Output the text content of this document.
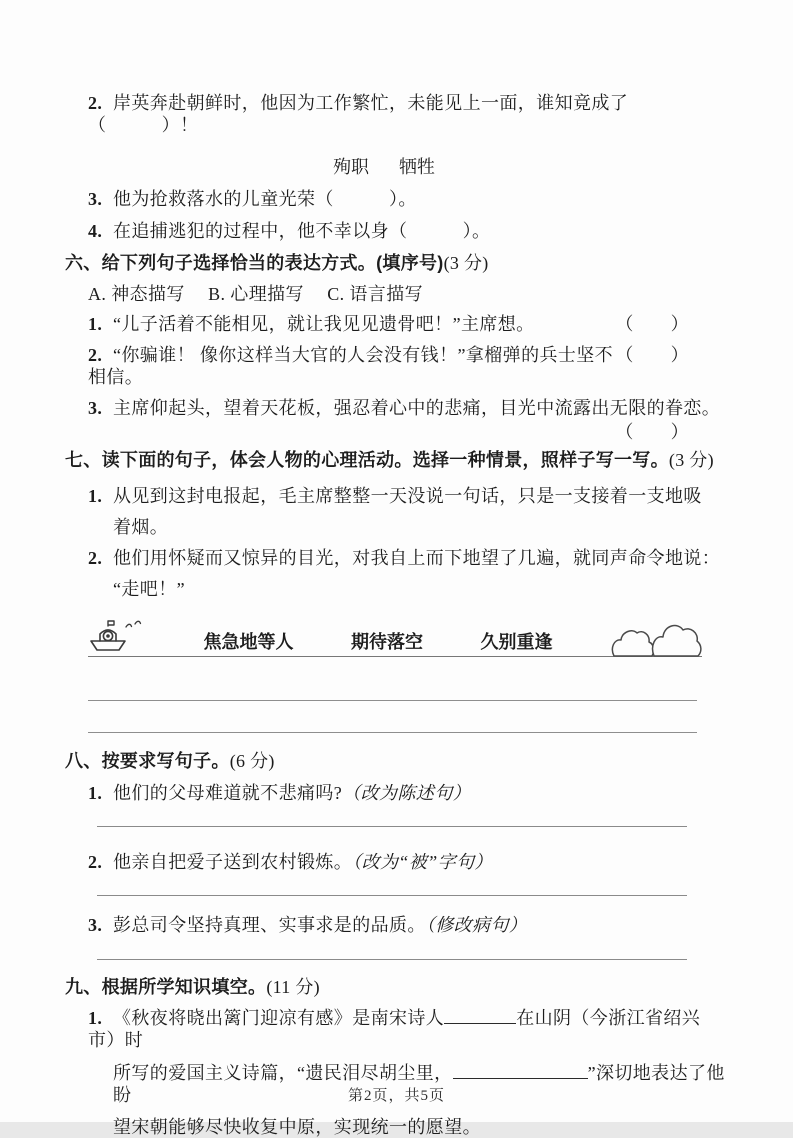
2. 岸英奔赴朝鲜时，他因为工作繁忙，未能见上一面，谁知竟成了（　　　）！
殉职 牺牲
3. 他为抢救落水的儿童光荣（　　　）。
4. 在追捕逃犯的过程中，他不幸以身（　　　）。
六、给下列句子选择恰当的表达方式。(填序号)(3 分)
A. 神态描写　 B. 心理描写　 C. 语言描写
1. “儿子活着不能相见，就让我见见遗骨吧！”主席想。	（　　）
2. “你骗谁！ 像你这样当大官的人会没有钱！”拿榴弹的兵士坚不相信。
（　　）
3. 主席仰起头，望着天花板，强忍着心中的悲痛，目光中流露出无限的眷恋。
（　　）
七、读下面的句子，体会人物的心理活动。选择一种情景，照样子写一写。(3 分)
1. 从见到这封电报起，毛主席整整一天没说一句话，只是一支接着一支地吸
着烟。
2. 他们用怀疑而又惊异的目光，对我自上而下地望了几遍，就同声命令地说：
“走吧！”
焦急地等人	期待落空	久别重逢
八、按要求写句子。(6 分)
1. 他们的父母难道就不悲痛吗?（改为陈述句）
2. 他亲自把爱子送到农村锻炼。（改为“被”字句）
3. 彭总司令坚持真理、实事求是的品质。（修改病句）
九、根据所学知识填空。(11 分)
1. 《秋夜将晓出篱门迎凉有感》是南宋诗人	在山阴（今浙江省绍兴市）时
所写的爱国主义诗篇，“遗民泪尽胡尘里，	”深切地表达了他盼
望宋朝能够尽快收复中原，实现统一的愿望。
第2页，共5页
